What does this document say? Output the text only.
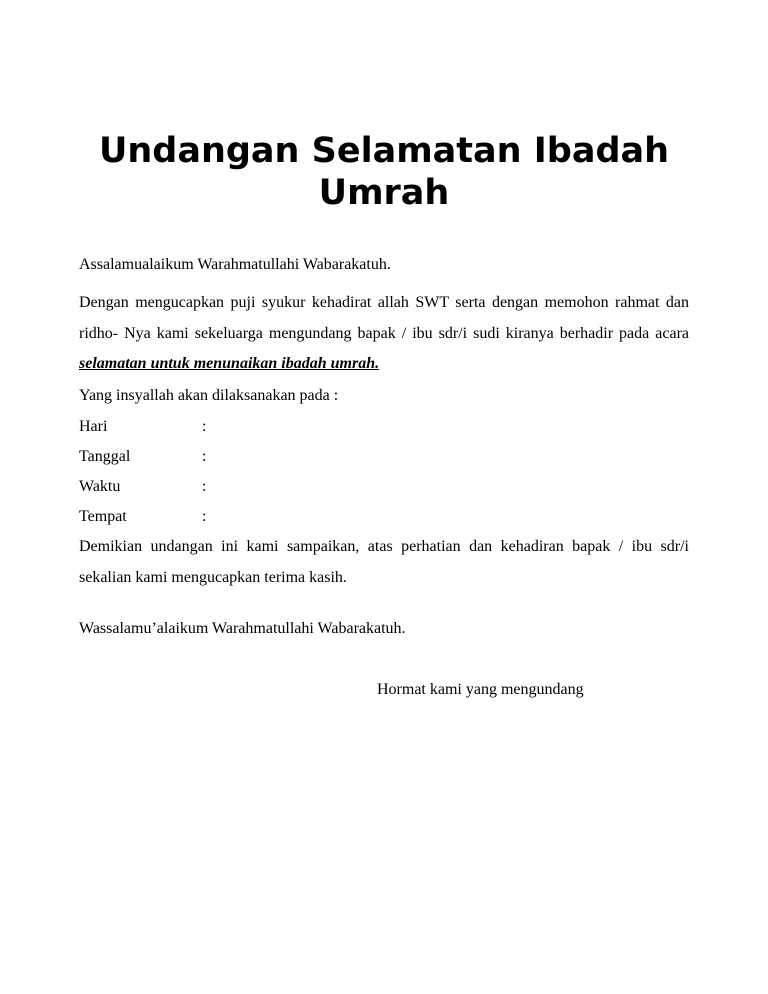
Undangan Selamatan Ibadah Umrah

Assalamualaikum Warahmatullahi Wabarakatuh.

Dengan mengucapkan puji syukur kehadirat allah SWT serta dengan memohon rahmat dan ridho- Nya kami sekeluarga mengundang bapak / ibu sdr/i sudi kiranya berhadir pada acara selamatan untuk menunaikan ibadah umrah.

Yang insyallah akan dilaksanakan pada :

Hari	:

Tanggal	:

Waktu	:

Tempat	:

Demikian undangan ini kami sampaikan, atas perhatian dan kehadiran bapak / ibu sdr/i sekalian kami mengucapkan terima kasih.

Wassalamu’alaikum Warahmatullahi Wabarakatuh.

Hormat kami yang mengundang
